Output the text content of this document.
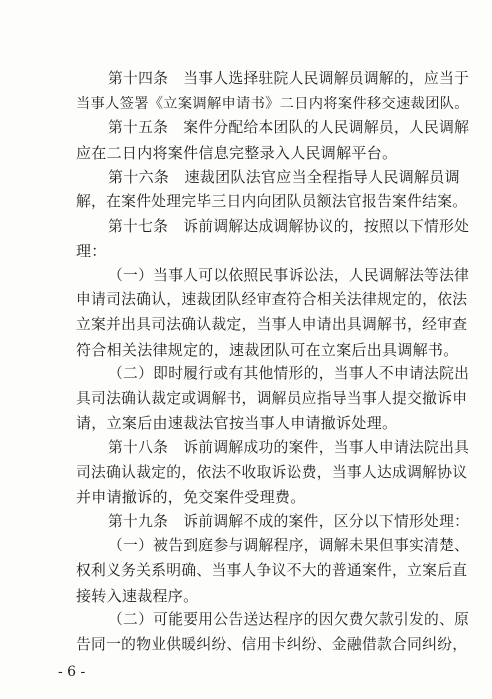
第十四条　当事人选择驻院人民调解员调解的，应当于
当事人签署《立案调解申请书》二日内将案件移交速裁团队。
第十五条　案件分配给本团队的人民调解员，人民调解
应在二日内将案件信息完整录入人民调解平台。
第十六条　速裁团队法官应当全程指导人民调解员调
解，在案件处理完毕三日内向团队员额法官报告案件结案。
第十七条　诉前调解达成调解协议的，按照以下情形处
理：
（一）当事人可以依照民事诉讼法，人民调解法等法律
申请司法确认，速裁团队经审查符合相关法律规定的，依法
立案并出具司法确认裁定，当事人申请出具调解书，经审查
符合相关法律规定的，速裁团队可在立案后出具调解书。
（二）即时履行或有其他情形的，当事人不申请法院出
具司法确认裁定或调解书，调解员应指导当事人提交撤诉申
请，立案后由速裁法官按当事人申请撤诉处理。
第十八条　诉前调解成功的案件，当事人申请法院出具
司法确认裁定的，依法不收取诉讼费，当事人达成调解协议
并申请撤诉的，免交案件受理费。
第十九条　诉前调解不成的案件，区分以下情形处理：
（一）被告到庭参与调解程序，调解未果但事实清楚、
权利义务关系明确、当事人争议不大的普通案件，立案后直
接转入速裁程序。
（二）可能要用公告送达程序的因欠费欠款引发的、原
告同一的物业供暖纠纷、信用卡纠纷、金融借款合同纠纷，
- 6 -
